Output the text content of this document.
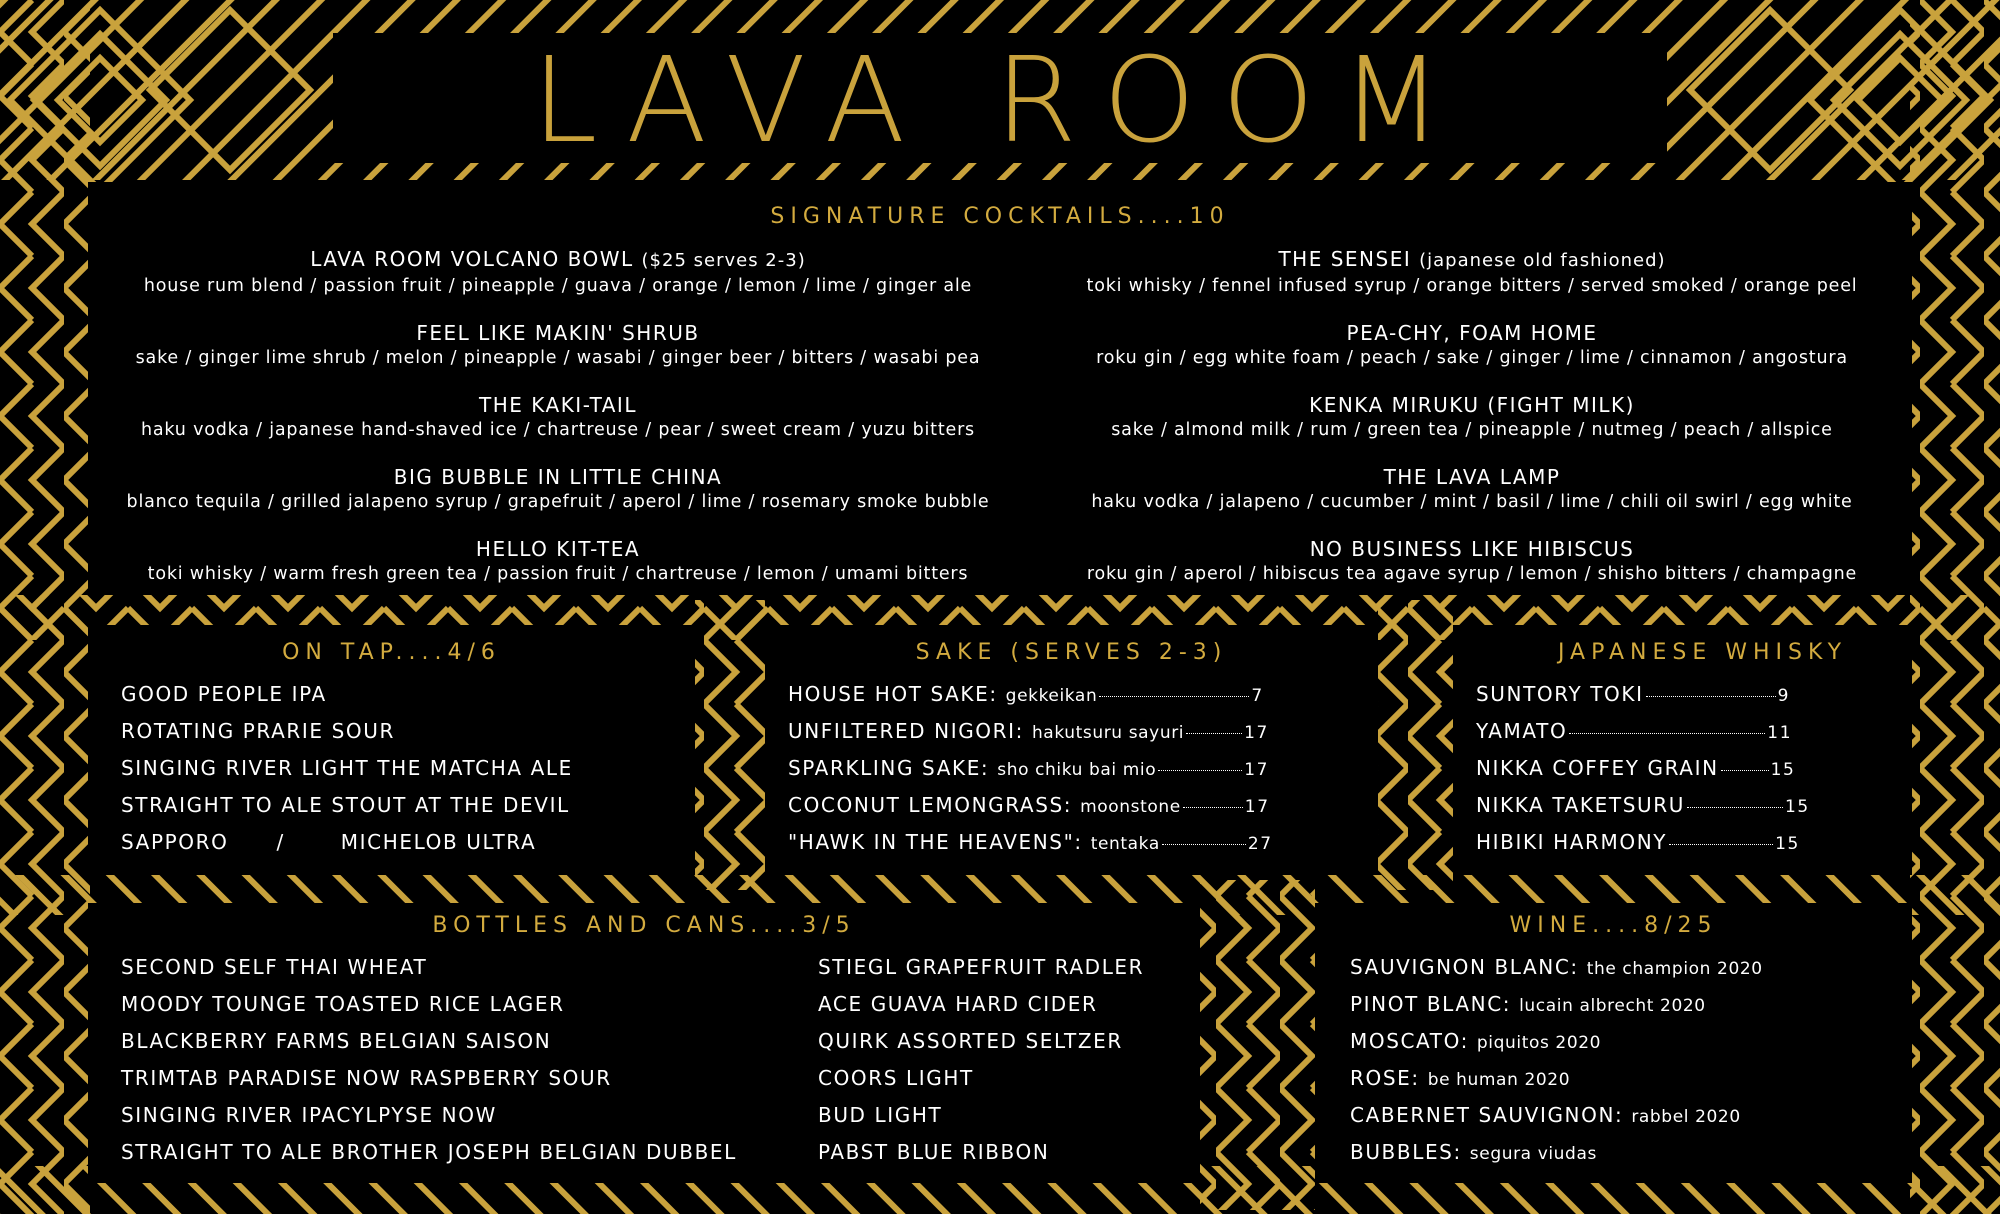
LAVA ROOM
SIGNATURE COCKTAILS....10
LAVA ROOM VOLCANO BOWL ($25 serves 2-3)
house rum blend / passion fruit / pineapple / guava / orange / lemon / lime / ginger ale
FEEL LIKE MAKIN' SHRUB
sake / ginger lime shrub / melon / pineapple / wasabi / ginger beer / bitters / wasabi pea
THE KAKI-TAIL
haku vodka / japanese hand-shaved ice / chartreuse / pear / sweet cream / yuzu bitters
BIG BUBBLE IN LITTLE CHINA
blanco tequila / grilled jalapeno syrup / grapefruit / aperol / lime / rosemary smoke bubble
HELLO KIT-TEA
toki whisky / warm fresh green tea / passion fruit / chartreuse / lemon / umami bitters
THE SENSEI (japanese old fashioned)
toki whisky / fennel infused syrup / orange bitters / served smoked / orange peel
PEA-CHY, FOAM HOME
roku gin / egg white foam / peach / sake / ginger / lime / cinnamon / angostura
KENKA MIRUKU (FIGHT MILK)
sake / almond milk / rum / green tea / pineapple / nutmeg / peach / allspice
THE LAVA LAMP
haku vodka / jalapeno / cucumber / mint / basil / lime / chili oil swirl / egg white
NO BUSINESS LIKE HIBISCUS
roku gin / aperol / hibiscus tea agave syrup / lemon / shisho bitters / champagne
ON TAP....4/6
GOOD PEOPLE IPA
ROTATING PRARIE SOUR
SINGING RIVER LIGHT THE MATCHA ALE
STRAIGHT TO ALE STOUT AT THE DEVIL
SAPPORO /	MICHELOB ULTRA
SAKE (SERVES 2-3)
HOUSE HOT SAKE: gekkeikan	7
UNFILTERED NIGORI: hakutsuru sayuri	17
SPARKLING SAKE: sho chiku bai mio	17
COCONUT LEMONGRASS: moonstone	17
"HAWK IN THE HEAVENS": tentaka	27
JAPANESE WHISKY
SUNTORY TOKI	9
YAMATO	11
NIKKA COFFEY GRAIN	15
NIKKA TAKETSURU	15
HIBIKI HARMONY	15
BOTTLES AND CANS....3/5
SECOND SELF THAI WHEAT
MOODY TOUNGE TOASTED RICE LAGER
BLACKBERRY FARMS BELGIAN SAISON
TRIMTAB PARADISE NOW RASPBERRY SOUR
SINGING RIVER IPACYLPYSE NOW
STRAIGHT TO ALE BROTHER JOSEPH BELGIAN DUBBEL
STIEGL GRAPEFRUIT RADLER
ACE GUAVA HARD CIDER
QUIRK ASSORTED SELTZER
COORS LIGHT
BUD LIGHT
PABST BLUE RIBBON
WINE....8/25
SAUVIGNON BLANC: the champion 2020
PINOT BLANC: lucain albrecht 2020
MOSCATO: piquitos 2020
ROSE: be human 2020
CABERNET SAUVIGNON: rabbel 2020
BUBBLES: segura viudas
